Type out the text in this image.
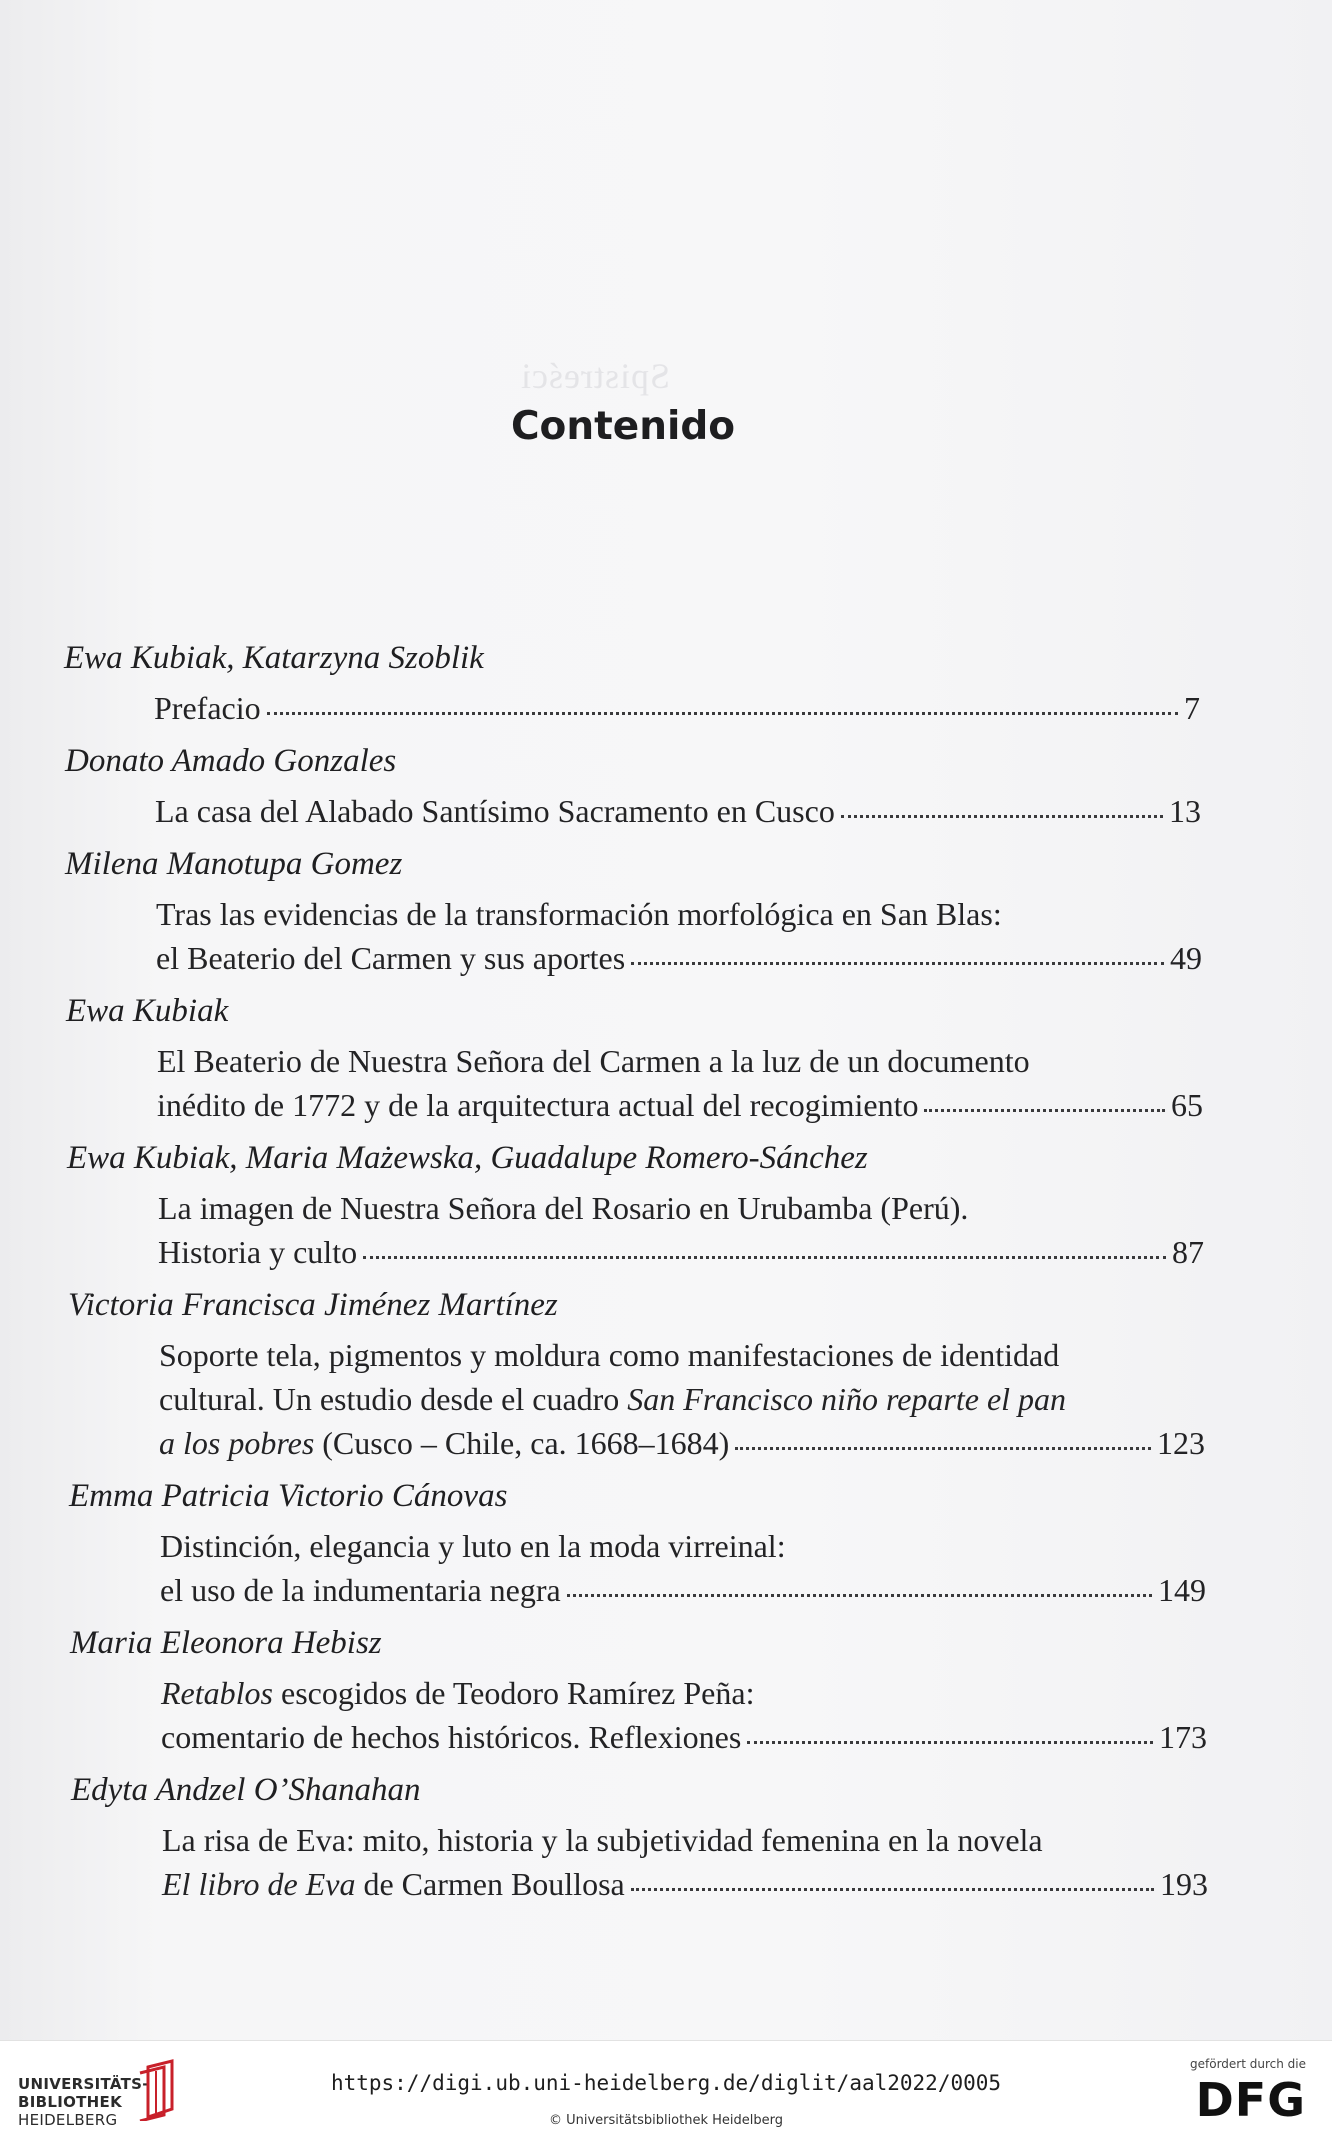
Spistreści
Contenido
Ewa Kubiak, Katarzyna Szoblik
Prefacio	7
Donato Amado Gonzales
La casa del Alabado Santísimo Sacramento en Cusco	13
Milena Manotupa Gomez
Tras las evidencias de la transformación morfológica en San Blas:
el Beaterio del Carmen y sus aportes	49
Ewa Kubiak
El Beaterio de Nuestra Señora del Carmen a la luz de un documento
inédito de 1772 y de la arquitectura actual del recogimiento	65
Ewa Kubiak, Maria Mażewska, Guadalupe Romero-Sánchez
La imagen de Nuestra Señora del Rosario en Urubamba (Perú).
Historia y culto	87
Victoria Francisca Jiménez Martínez
Soporte tela, pigmentos y moldura como manifestaciones de identidad
cultural. Un estudio desde el cuadro San Francisco niño reparte el pan
a los pobres (Cusco – Chile, ca. 1668–1684)	123
Emma Patricia Victorio Cánovas
Distinción, elegancia y luto en la moda virreinal:
el uso de la indumentaria negra	149
Maria Eleonora Hebisz
Retablos escogidos de Teodoro Ramírez Peña:
comentario de hechos históricos. Reflexiones	173
Edyta Andzel O’Shanahan
La risa de Eva: mito, historia y la subjetividad femenina en la novela
El libro de Eva de Carmen Boullosa	193
UNIVERSITÄTS-
BIBLIOTHEK
HEIDELBERG
https://digi.ub.uni-heidelberg.de/diglit/aal2022/0005
© Universitätsbibliothek Heidelberg
gefördert durch die
DFG
